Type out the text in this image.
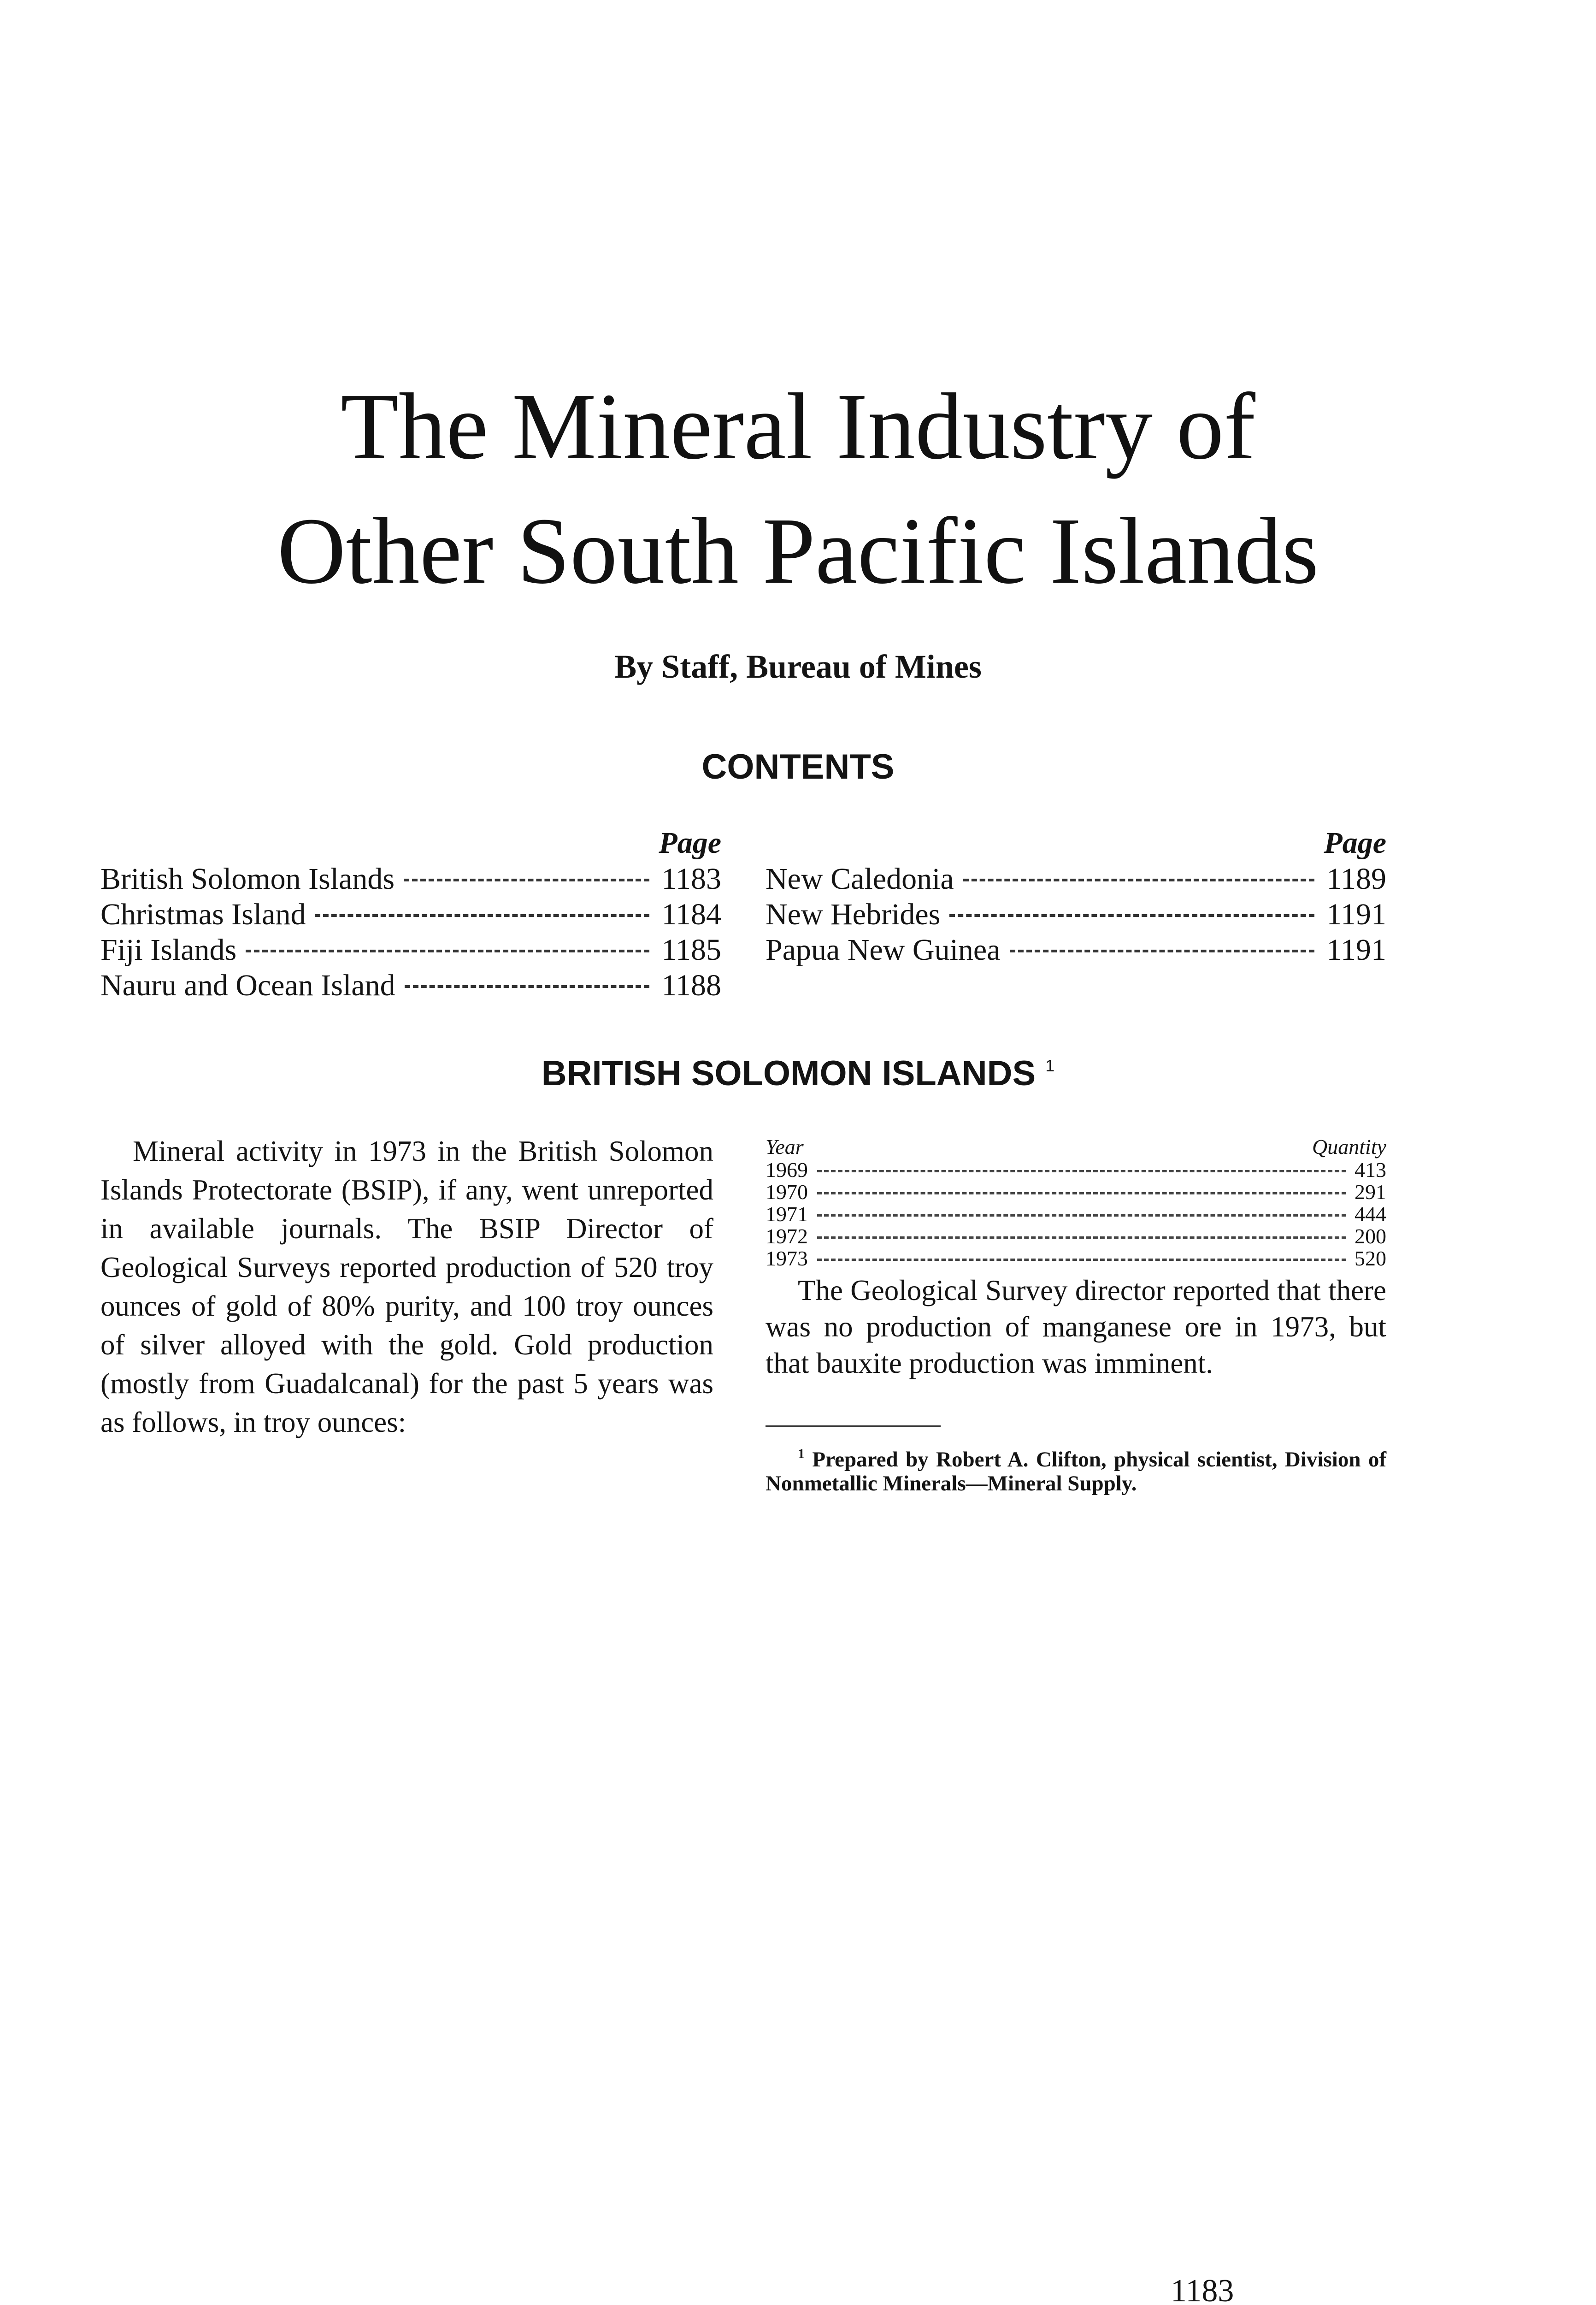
The Mineral Industry of
Other South Pacific Islands
By Staff, Bureau of Mines
CONTENTS
Page
British Solomon Islands	1183
Christmas Island	1184
Fiji Islands	1185
Nauru and Ocean Island	1188
Page
New Caledonia	1189
New Hebrides	1191
Papua New Guinea	1191
BRITISH SOLOMON ISLANDS $^1$

Mineral activity in 1973 in the British Solomon Islands Protectorate (BSIP), if any, went unreported in available journals. The BSIP Director of Geological Surveys reported production of 520 troy ounces of gold of 80% purity, and 100 troy ounces of silver alloyed with the gold. Gold production (mostly from Guadalcanal) for the past 5 years was as follows, in troy ounces:

Year	Quantity
1969	413
1970	291
1971	444
1972	200
1973	520

The Geological Survey director reported that there was no production of manganese ore in 1973, but that bauxite production was imminent.

$^1$ Prepared by Robert A. Clifton, physical scientist, Division of Nonmetallic Minerals—Mineral Supply.

1183
